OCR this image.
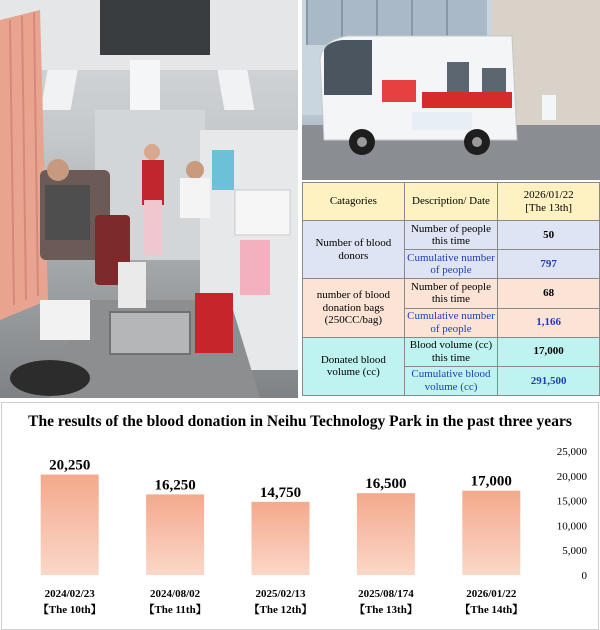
Catagories	Description/ Date	2026/01/22
[The 13th]

Number of blood donors	Number of people this time	50
	Cumulative number of people	797
number of blood donation bags (250CC/bag)	Number of people this time	68
	Cumulative number of people	1,166
Donated blood volume (cc)	Blood volume (cc) this time	17,000
	Cumulative blood volume (cc)	291,500
The results of the blood donation in Neihu Technology Park in the past three years
20,250
2024/02/23
【The 10th】
16,250
2024/08/02
【The 11th】
14,750
2025/02/13
【The 12th】
16,500
2025/08/174
【The 13th】
17,000
2026/01/22
【The 14th】
0
5,000
10,000
15,000
20,000
25,000
